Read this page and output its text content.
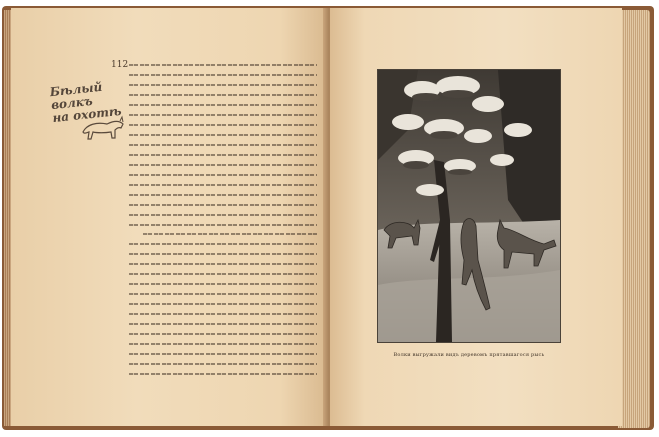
112
Бѣлый волкъ
на охотѣ
Волки выгружали видъ деревомъ прятавшагося рысь
